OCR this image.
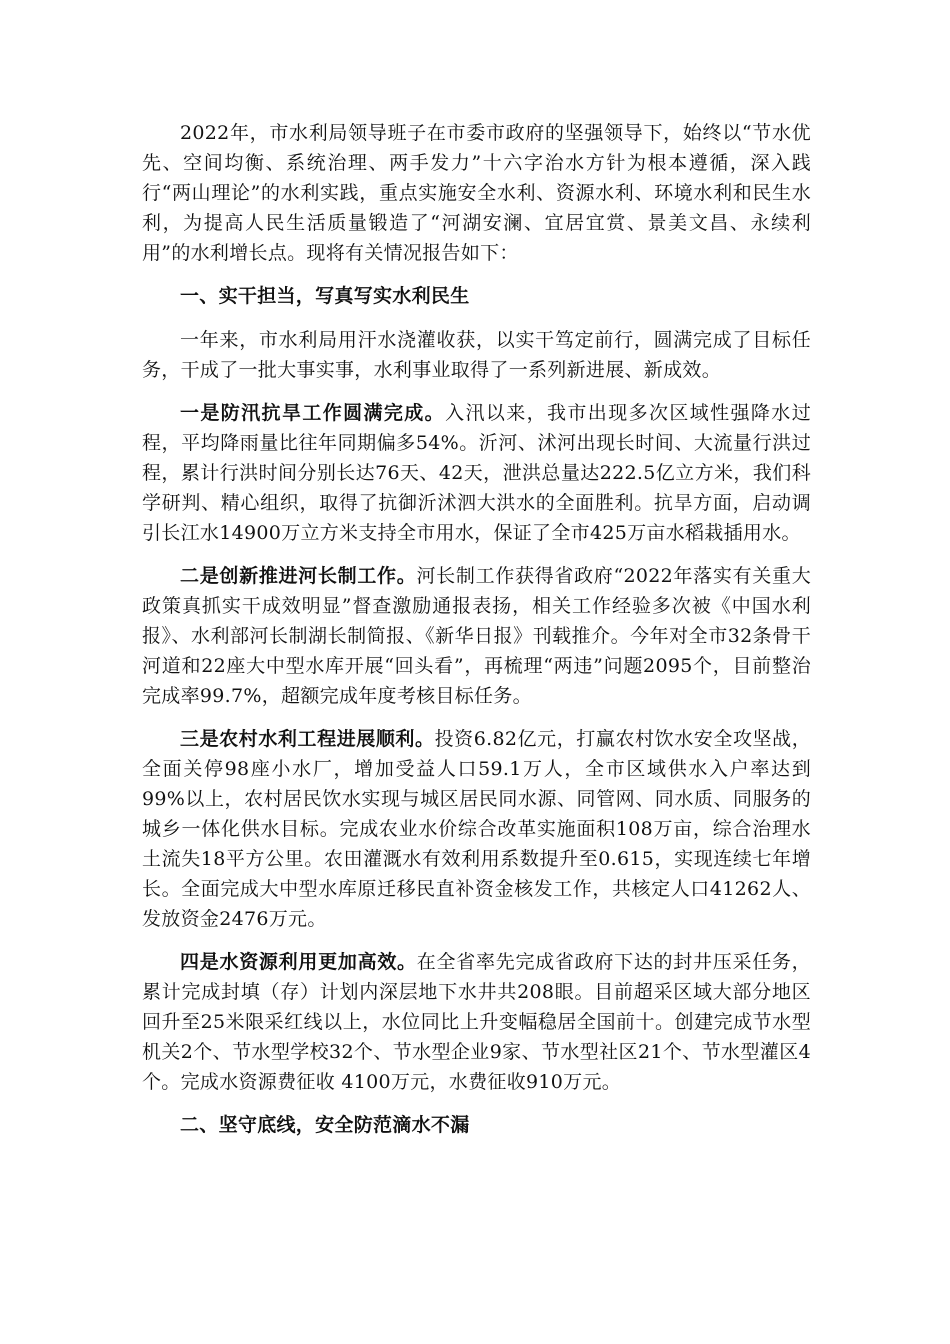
2022年，市水利局领导班子在市委市政府的坚强领导下，始终以“节水优先、空间均衡、系统治理、两手发力”十六字治水方针为根本遵循，深入践行“两山理论”的水利实践，重点实施安全水利、资源水利、环境水利和民生水利，为提高人民生活质量锻造了“河湖安澜、宜居宜赏、景美文昌、永续利用”的水利增长点。现将有关情况报告如下：

一、实干担当，写真写实水利民生

一年来，市水利局用汗水浇灌收获，以实干笃定前行，圆满完成了目标任务，干成了一批大事实事，水利事业取得了一系列新进展、新成效。

一是防汛抗旱工作圆满完成。入汛以来，我市出现多次区域性强降水过程，平均降雨量比往年同期偏多54%。沂河、沭河出现长时间、大流量行洪过程，累计行洪时间分别长达76天、42天，泄洪总量达222.5亿立方米，我们科学研判、精心组织，取得了抗御沂沭泗大洪水的全面胜利。抗旱方面，启动调引长江水14900万立方米支持全市用水，保证了全市425万亩水稻栽插用水。

二是创新推进河长制工作。河长制工作获得省政府“2022年落实有关重大政策真抓实干成效明显”督查激励通报表扬，相关工作经验多次被《中国水利报》、水利部河长制湖长制简报、《新华日报》刊载推介。今年对全市32条骨干河道和22座大中型水库开展“回头看”，再梳理“两违”问题2095个，目前整治完成率99.7%，超额完成年度考核目标任务。

三是农村水利工程进展顺利。投资6.82亿元，打赢农村饮水安全攻坚战，全面关停98座小水厂，增加受益人口59.1万人，全市区域供水入户率达到99%以上，农村居民饮水实现与城区居民同水源、同管网、同水质、同服务的城乡一体化供水目标。完成农业水价综合改革实施面积108万亩，综合治理水土流失18平方公里。农田灌溉水有效利用系数提升至0.615，实现连续七年增长。全面完成大中型水库原迁移民直补资金核发工作，共核定人口41262人、发放资金2476万元。

四是水资源利用更加高效。在全省率先完成省政府下达的封井压采任务，累计完成封填（存）计划内深层地下水井共208眼。目前超采区域大部分地区回升至25米限采红线以上，水位同比上升变幅稳居全国前十。创建完成节水型机关2个、节水型学校32个、节水型企业9家、节水型社区21个、节水型灌区4个。完成水资源费征收 4100万元，水费征收910万元。

二、坚守底线，安全防范滴水不漏
